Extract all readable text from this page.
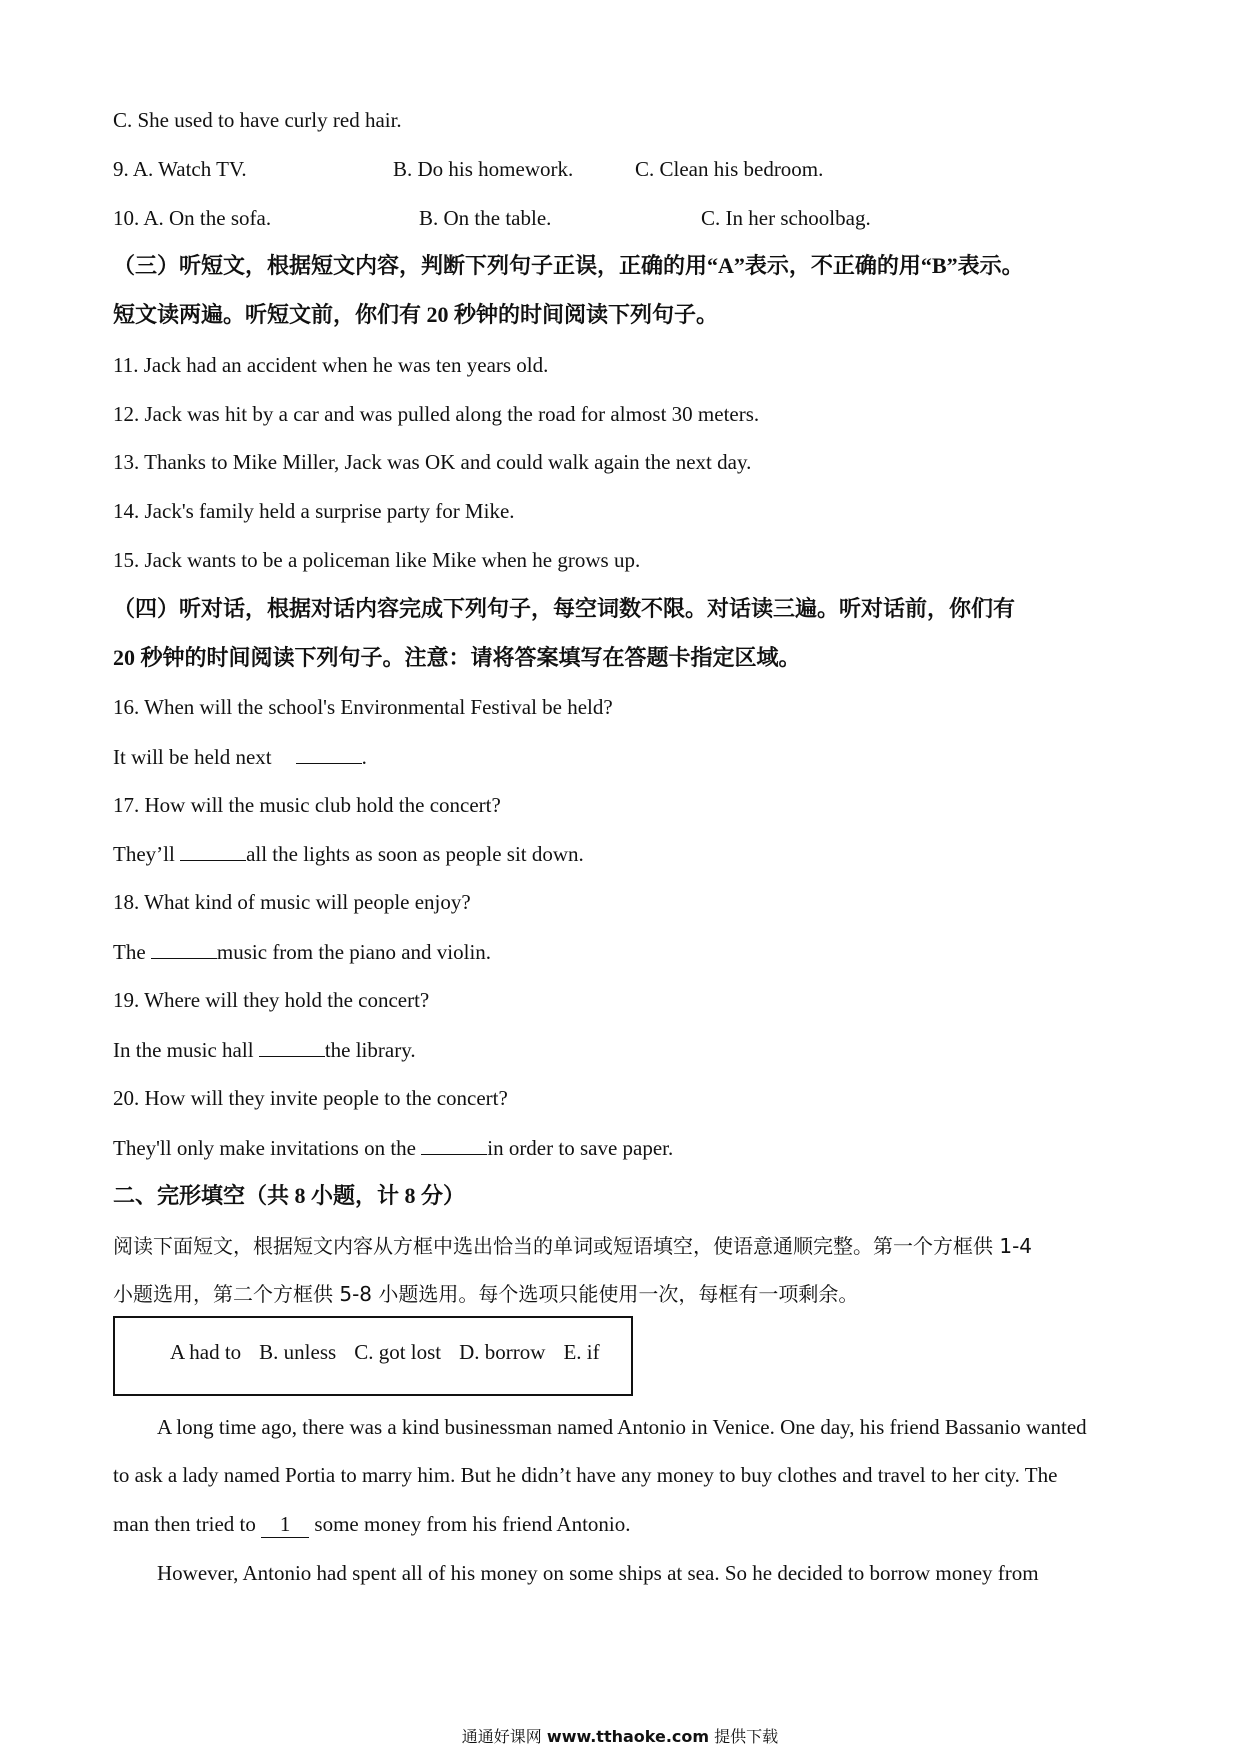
C. She used to have curly red hair.
9. A. Watch TV.	B. Do his homework.	C. Clean his bedroom.
10. A. On the sofa.	B. On the table.	C. In her schoolbag.
（三）听短文，根据短文内容，判断下列句子正误，正确的用“A”表示，不正确的用“B”表示。
短文读两遍。听短文前，你们有 20 秒钟的时间阅读下列句子。
11. Jack had an accident when he was ten years old.
12. Jack was hit by a car and was pulled along the road for almost 30 meters.
13. Thanks to Mike Miller, Jack was OK and could walk again the next day.
14. Jack's family held a surprise party for Mike.
15. Jack wants to be a policeman like Mike when he grows up.
（四）听对话，根据对话内容完成下列句子，每空词数不限。对话读三遍。听对话前，你们有
20 秒钟的时间阅读下列句子。注意：请将答案填写在答题卡指定区域。
16. When will the school's Environmental Festival be held?
It will be held next	.
17. How will the music club hold the concert?
They’ll	all the lights as soon as people sit down.
18. What kind of music will people enjoy?
The	music from the piano and violin.
19. Where will they hold the concert?
In the music hall	the library.
20. How will they invite people to the concert?
They'll only make invitations on the	in order to save paper.
二、完形填空（共 8 小题，计 8 分）
阅读下面短文，根据短文内容从方框中选出恰当的单词或短语填空，使语意通顺完整。第一个方框供 1-4
小题选用，第二个方框供 5-8 小题选用。每个选项只能使用一次，每框有一项剩余。
A had to B. unless C. got lost D. borrow E. if
A long time ago, there was a kind businessman named Antonio in Venice. One day, his friend Bassanio wanted
to ask a lady named Portia to marry him. But he didn’t have any money to buy clothes and travel to her city. The
man then tried to 1 some money from his friend Antonio.
However, Antonio had spent all of his money on some ships at sea. So he decided to borrow money from
通通好课网 www.tthaoke.com 提供下载
